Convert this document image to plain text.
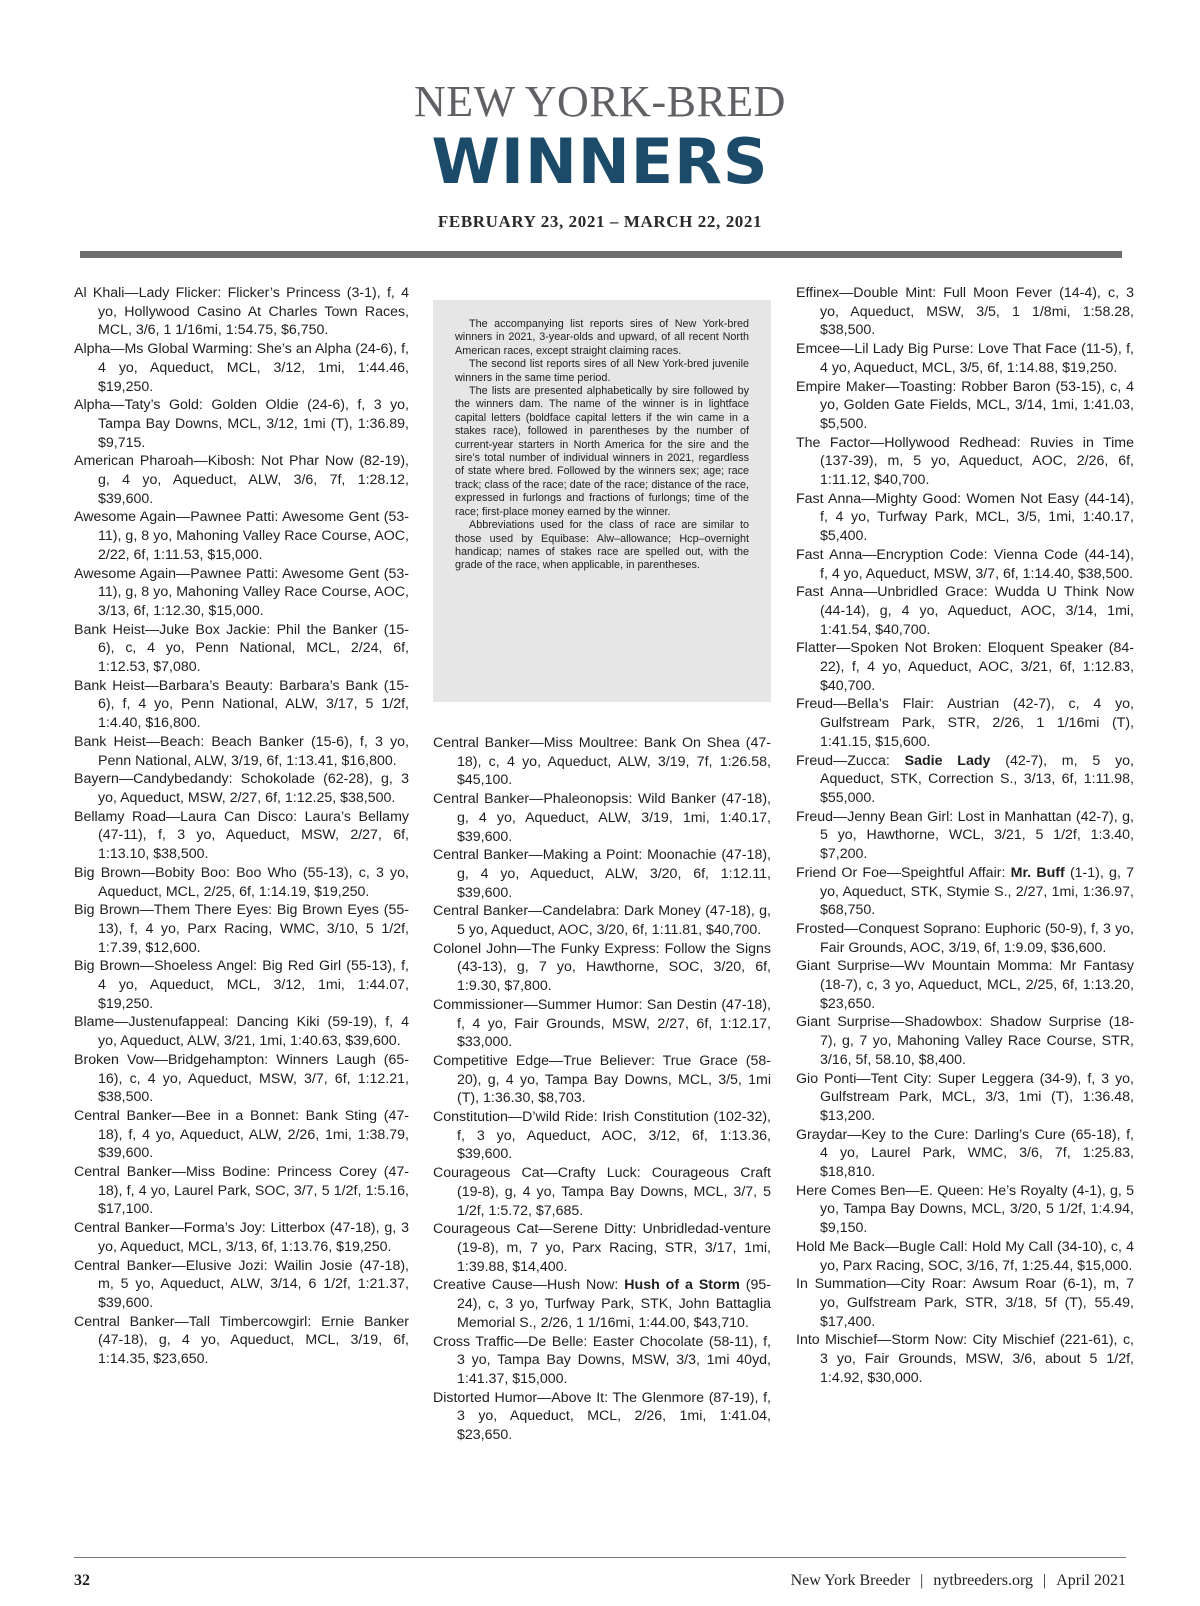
NEW YORK-BRED
WINNERS
FEBRUARY 23, 2021 – MARCH 22, 2021

Al Khali—Lady Flicker: Flicker’s Princess (3-1), f, 4 yo, Hollywood Casino At Charles Town Races, MCL, 3/6, 1 1/16mi, 1:54.75, $6,750.

Alpha—Ms Global Warming: She’s an Alpha (24-6), f, 4 yo, Aqueduct, MCL, 3/12, 1mi, 1:44.46, $19,250.

Alpha—Taty’s Gold: Golden Oldie (24-6), f, 3 yo, Tampa Bay Downs, MCL, 3/12, 1mi (T), 1:36.89, $9,715.

American Pharoah—Kibosh: Not Phar Now (82-19), g, 4 yo, Aqueduct, ALW, 3/6, 7f, 1:28.12, $39,600.

Awesome Again—Pawnee Patti: Awesome Gent (53-11), g, 8 yo, Mahoning Valley Race Course, AOC, 2/22, 6f, 1:11.53, $15,000.

Awesome Again—Pawnee Patti: Awesome Gent (53-11), g, 8 yo, Mahoning Valley Race Course, AOC, 3/13, 6f, 1:12.30, $15,000.

Bank Heist—Juke Box Jackie: Phil the Banker (15-6), c, 4 yo, Penn National, MCL, 2/24, 6f, 1:12.53, $7,080.

Bank Heist—Barbara’s Beauty: Barbara’s Bank (15-6), f, 4 yo, Penn National, ALW, 3/17, 5 1/2f, 1:4.40, $16,800.

Bank Heist—Beach: Beach Banker (15-6), f, 3 yo, Penn National, ALW, 3/19, 6f, 1:13.41, $16,800.

Bayern—Candybedandy: Schokolade (62-28), g, 3 yo, Aqueduct, MSW, 2/27, 6f, 1:12.25, $38,500.

Bellamy Road—Laura Can Disco: Laura’s Bellamy (47-11), f, 3 yo, Aqueduct, MSW, 2/27, 6f, 1:13.10, $38,500.

Big Brown—Bobity Boo: Boo Who (55-13), c, 3 yo, Aqueduct, MCL, 2/25, 6f, 1:14.19, $19,250.

Big Brown—Them There Eyes: Big Brown Eyes (55-13), f, 4 yo, Parx Racing, WMC, 3/10, 5 1/2f, 1:7.39, $12,600.

Big Brown—Shoeless Angel: Big Red Girl (55-13), f, 4 yo, Aqueduct, MCL, 3/12, 1mi, 1:44.07, $19,250.

Blame—Justenufappeal: Dancing Kiki (59-19), f, 4 yo, Aqueduct, ALW, 3/21, 1mi, 1:40.63, $39,600.

Broken Vow—Bridgehampton: Winners Laugh (65-16), c, 4 yo, Aqueduct, MSW, 3/7, 6f, 1:12.21, $38,500.

Central Banker—Bee in a Bonnet: Bank Sting (47-18), f, 4 yo, Aqueduct, ALW, 2/26, 1mi, 1:38.79, $39,600.

Central Banker—Miss Bodine: Princess Corey (47-18), f, 4 yo, Laurel Park, SOC, 3/7, 5 1/2f, 1:5.16, $17,100.

Central Banker—Forma’s Joy: Litterbox (47-18), g, 3 yo, Aqueduct, MCL, 3/13, 6f, 1:13.76, $19,250.

Central Banker—Elusive Jozi: Wailin Josie (47-18), m, 5 yo, Aqueduct, ALW, 3/14, 6 1/2f, 1:21.37, $39,600.

Central Banker—Tall Timbercowgirl: Ernie Banker (47-18), g, 4 yo, Aqueduct, MCL, 3/19, 6f, 1:14.35, $23,650.

The accompanying list reports sires of New York-bred winners in 2021, 3-year-olds and upward, of all recent North American races, except straight claiming races.

The second list reports sires of all New York-bred juvenile winners in the same time period.

The lists are presented alphabetically by sire followed by the winners dam. The name of the winner is in lightface capital letters (boldface capital letters if the win came in a stakes race), followed in parentheses by the number of current-year starters in North America for the sire and the sire’s total number of individual winners in 2021, regardless of state where bred. Followed by the winners sex; age; race track; class of the race; date of the race; distance of the race, expressed in furlongs and fractions of furlongs; time of the race; first-place money earned by the winner.

Abbreviations used for the class of race are similar to those used by Equibase: Alw–allowance; Hcp–overnight handicap; names of stakes race are spelled out, with the grade of the race, when applicable, in parentheses.

Central Banker—Miss Moultree: Bank On Shea (47-18), c, 4 yo, Aqueduct, ALW, 3/19, 7f, 1:26.58, $45,100.

Central Banker—Phaleonopsis: Wild Banker (47-18), g, 4 yo, Aqueduct, ALW, 3/19, 1mi, 1:40.17, $39,600.

Central Banker—Making a Point: Moonachie (47-18), g, 4 yo, Aqueduct, ALW, 3/20, 6f, 1:12.11, $39,600.

Central Banker—Candelabra: Dark Money (47-18), g, 5 yo, Aqueduct, AOC, 3/20, 6f, 1:11.81, $40,700.

Colonel John—The Funky Express: Follow the Signs (43-13), g, 7 yo, Hawthorne, SOC, 3/20, 6f, 1:9.30, $7,800.

Commissioner—Summer Humor: San Destin (47-18), f, 4 yo, Fair Grounds, MSW, 2/27, 6f, 1:12.17, $33,000.

Competitive Edge—True Believer: True Grace (58-20), g, 4 yo, Tampa Bay Downs, MCL, 3/5, 1mi (T), 1:36.30, $8,703.

Constitution—D’wild Ride: Irish Constitution (102-32), f, 3 yo, Aqueduct, AOC, 3/12, 6f, 1:13.36, $39,600.

Courageous Cat—Crafty Luck: Courageous Craft (19-8), g, 4 yo, Tampa Bay Downs, MCL, 3/7, 5 1/2f, 1:5.72, $7,685.

Courageous Cat—Serene Ditty: Unbridledad-venture (19-8), m, 7 yo, Parx Racing, STR, 3/17, 1mi, 1:39.88, $14,400.

Creative Cause—Hush Now: Hush of a Storm (95-24), c, 3 yo, Turfway Park, STK, John Battaglia Memorial S., 2/26, 1 1/16mi, 1:44.00, $43,710.

Cross Traffic—De Belle: Easter Chocolate (58-11), f, 3 yo, Tampa Bay Downs, MSW, 3/3, 1mi 40yd, 1:41.37, $15,000.

Distorted Humor—Above It: The Glenmore (87-19), f, 3 yo, Aqueduct, MCL, 2/26, 1mi, 1:41.04, $23,650.

Effinex—Double Mint: Full Moon Fever (14-4), c, 3 yo, Aqueduct, MSW, 3/5, 1 1/8mi, 1:58.28, $38,500.

Emcee—Lil Lady Big Purse: Love That Face (11-5), f, 4 yo, Aqueduct, MCL, 3/5, 6f, 1:14.88, $19,250.

Empire Maker—Toasting: Robber Baron (53-15), c, 4 yo, Golden Gate Fields, MCL, 3/14, 1mi, 1:41.03, $5,500.

The Factor—Hollywood Redhead: Ruvies in Time (137-39), m, 5 yo, Aqueduct, AOC, 2/26, 6f, 1:11.12, $40,700.

Fast Anna—Mighty Good: Women Not Easy (44-14), f, 4 yo, Turfway Park, MCL, 3/5, 1mi, 1:40.17, $5,400.

Fast Anna—Encryption Code: Vienna Code (44-14), f, 4 yo, Aqueduct, MSW, 3/7, 6f, 1:14.40, $38,500.

Fast Anna—Unbridled Grace: Wudda U Think Now (44-14), g, 4 yo, Aqueduct, AOC, 3/14, 1mi, 1:41.54, $40,700.

Flatter—Spoken Not Broken: Eloquent Speaker (84-22), f, 4 yo, Aqueduct, AOC, 3/21, 6f, 1:12.83, $40,700.

Freud—Bella’s Flair: Austrian (42-7), c, 4 yo, Gulfstream Park, STR, 2/26, 1 1/16mi (T), 1:41.15, $15,600.

Freud—Zucca: Sadie Lady (42-7), m, 5 yo, Aqueduct, STK, Correction S., 3/13, 6f, 1:11.98, $55,000.

Freud—Jenny Bean Girl: Lost in Manhattan (42-7), g, 5 yo, Hawthorne, WCL, 3/21, 5 1/2f, 1:3.40, $7,200.

Friend Or Foe—Speightful Affair: Mr. Buff (1-1), g, 7 yo, Aqueduct, STK, Stymie S., 2/27, 1mi, 1:36.97, $68,750.

Frosted—Conquest Soprano: Euphoric (50-9), f, 3 yo, Fair Grounds, AOC, 3/19, 6f, 1:9.09, $36,600.

Giant Surprise—Wv Mountain Momma: Mr Fantasy (18-7), c, 3 yo, Aqueduct, MCL, 2/25, 6f, 1:13.20, $23,650.

Giant Surprise—Shadowbox: Shadow Surprise (18-7), g, 7 yo, Mahoning Valley Race Course, STR, 3/16, 5f, 58.10, $8,400.

Gio Ponti—Tent City: Super Leggera (34-9), f, 3 yo, Gulfstream Park, MCL, 3/3, 1mi (T), 1:36.48, $13,200.

Graydar—Key to the Cure: Darling’s Cure (65-18), f, 4 yo, Laurel Park, WMC, 3/6, 7f, 1:25.83, $18,810.

Here Comes Ben—E. Queen: He’s Royalty (4-1), g, 5 yo, Tampa Bay Downs, MCL, 3/20, 5 1/2f, 1:4.94, $9,150.

Hold Me Back—Bugle Call: Hold My Call (34-10), c, 4 yo, Parx Racing, SOC, 3/16, 7f, 1:25.44, $15,000.

In Summation—City Roar: Awsum Roar (6-1), m, 7 yo, Gulfstream Park, STR, 3/18, 5f (T), 55.49, $17,400.

Into Mischief—Storm Now: City Mischief (221-61), c, 3 yo, Fair Grounds, MSW, 3/6, about 5 1/2f, 1:4.92, $30,000.

32	New York Breeder | nytbreeders.org | April 2021
